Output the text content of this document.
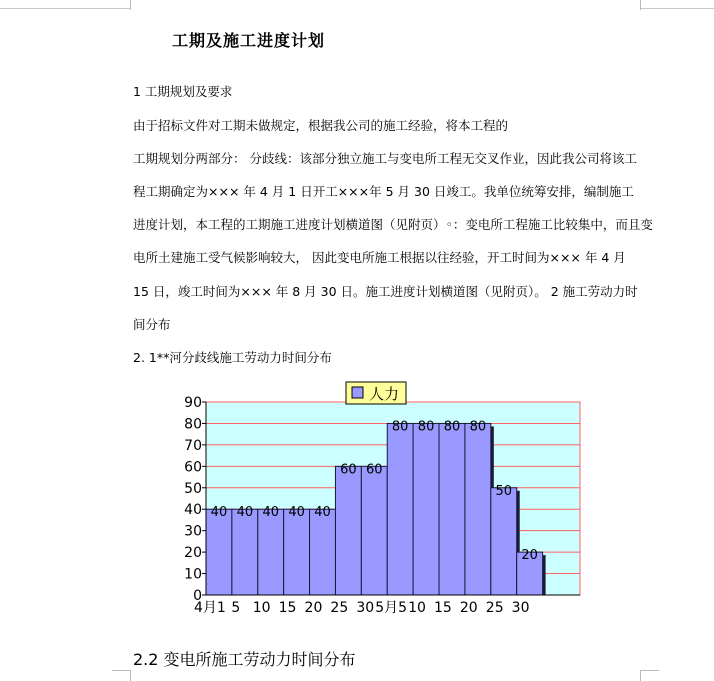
工期及施工进度计划
1 工期规划及要求
由于招标文件对工期未做规定，根据我公司的施工经验，将本工程的
工期规划分两部分： 分歧线：该部分独立施工与变电所工程无交叉作业，因此我公司将该工
程工期确定为××× 年 4 月 1 日开工×××年 5 月 30 日竣工。我单位统筹安排，编制施工
进度计划，本工程的工期施工进度计划横道图（见附页）◦：变电所工程施工比较集中，而且变
电所土建施工受气候影响较大， 因此变电所施工根据以往经验，开工时间为××× 年 4 月
15 日，竣工时间为××× 年 8 月 30 日。施工进度计划横道图（见附页）。 2 施工劳动力时
间分布
2. 1**河分歧线施工劳动力时间分布
40 40 40 40 40
60 60
80 80 80 80
50
20
0
10
20
30
40
50
60
70
80
90
4月1 5 10 15 20 25 30 5月5 10 15 20 25 30
人力
2.2 变电所施工劳动力时间分布
